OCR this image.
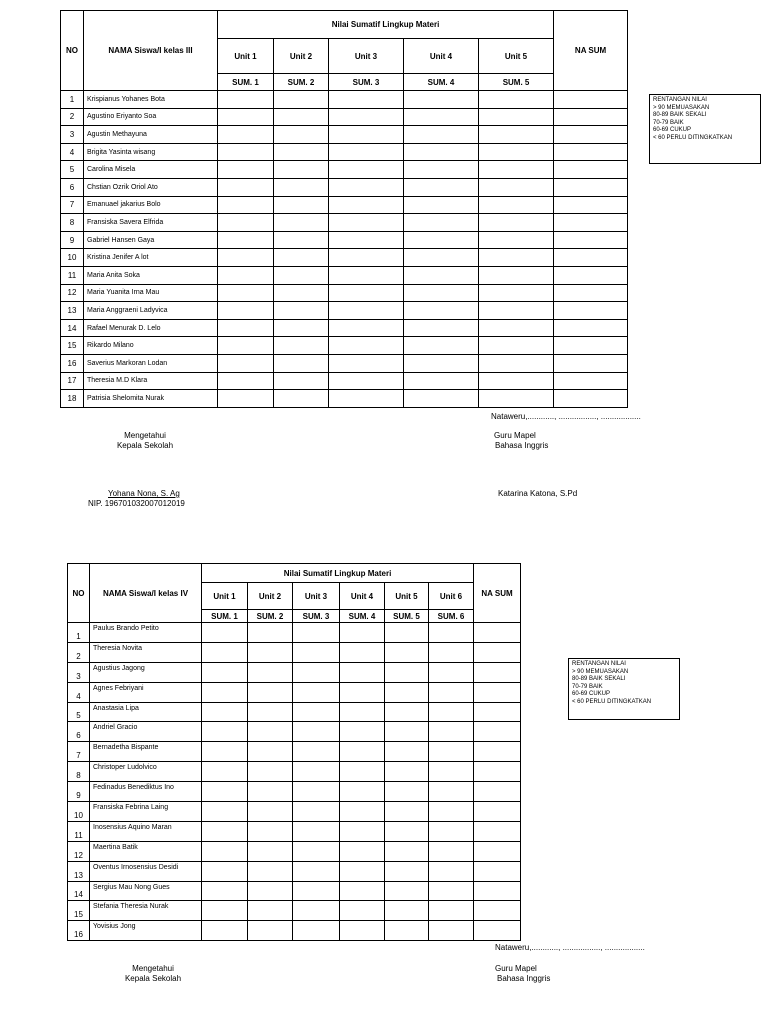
NO	NAMA Siswa/I kelas III	Nilai Sumatif Lingkup Materi					NA SUM
		Unit 1	Unit 2	Unit 3	Unit 4	Unit 5	
		SUM. 1	SUM. 2	SUM. 3	SUM. 4	SUM. 5	
1	Krispianus Yohanes Bota						
2	Agustino Eriyanto Soa						
3	Agustin Methayuna						
4	Brigita Yasinta wisang						
5	Carolina Misela						
6	Chstian Ozrik Oriol Ato						
7	Emanuael jakarius Bolo						
8	Fransiska Savera Elfrida						
9	Gabriel Hansen Gaya						
10	Kristina Jenifer A lot						
11	Maria Anita Soka						
12	Maria Yuanita Irna Mau						
13	Maria Anggraeni Ladyvica						
14	Rafael Menurak D. Lelo						
15	Rikardo Milano						
16	Saverius Markoran Lodan						
17	Theresia M.D Klara						
18	Patrisia Shelomita Nurak						
RENTANGAN NILAI
> 90 MEMUASAKAN
80-89 BAIK SEKALI
70-79 BAIK
60-69 CUKUP
< 60 PERLU DITINGKATKAN
Nataweru,............, ................., ..................
Mengetahui
Kepala Sekolah
Guru Mapel
Bahasa Inggris
Yohana Nona, S. Ag
NIP. 196701032007012019
Katarina Katona, S.Pd
NO	NAMA Siswa/I kelas IV	Nilai Sumatif Lingkup Materi						NA SUM
		Unit 1	Unit 2	Unit 3	Unit 4	Unit 5	Unit 6	
		SUM. 1	SUM. 2	SUM. 3	SUM. 4	SUM. 5	SUM. 6	
1	Paulus Brando Petito							
2	Theresia Novita							
3	Agustius Jagong							
4	Agnes Febriyani							
5	Anastasia Lipa							
6	Andriel Gracio							
7	Bernadetha Bispante							
8	Christoper Ludolvico							
9	Fedinadus Benediktus Ino							
10	Fransiska Febrina Laing							
11	Inosensius Aquino Maran							
12	Maertina Batik							
13	Oventus Irnosensius Desidi							
14	Sergius Mau Nong Gues							
15	Stefania Theresia Nurak							
16	Yovisius Jong							
RENTANGAN NILAI
> 90 MEMUASAKAN
80-89 BAIK SEKALI
70-79 BAIK
60-69 CUKUP
< 60 PERLU DITINGKATKAN
Nataweru,............, ................., ..................
Mengetahui
Kepala Sekolah
Guru Mapel
Bahasa Inggris
